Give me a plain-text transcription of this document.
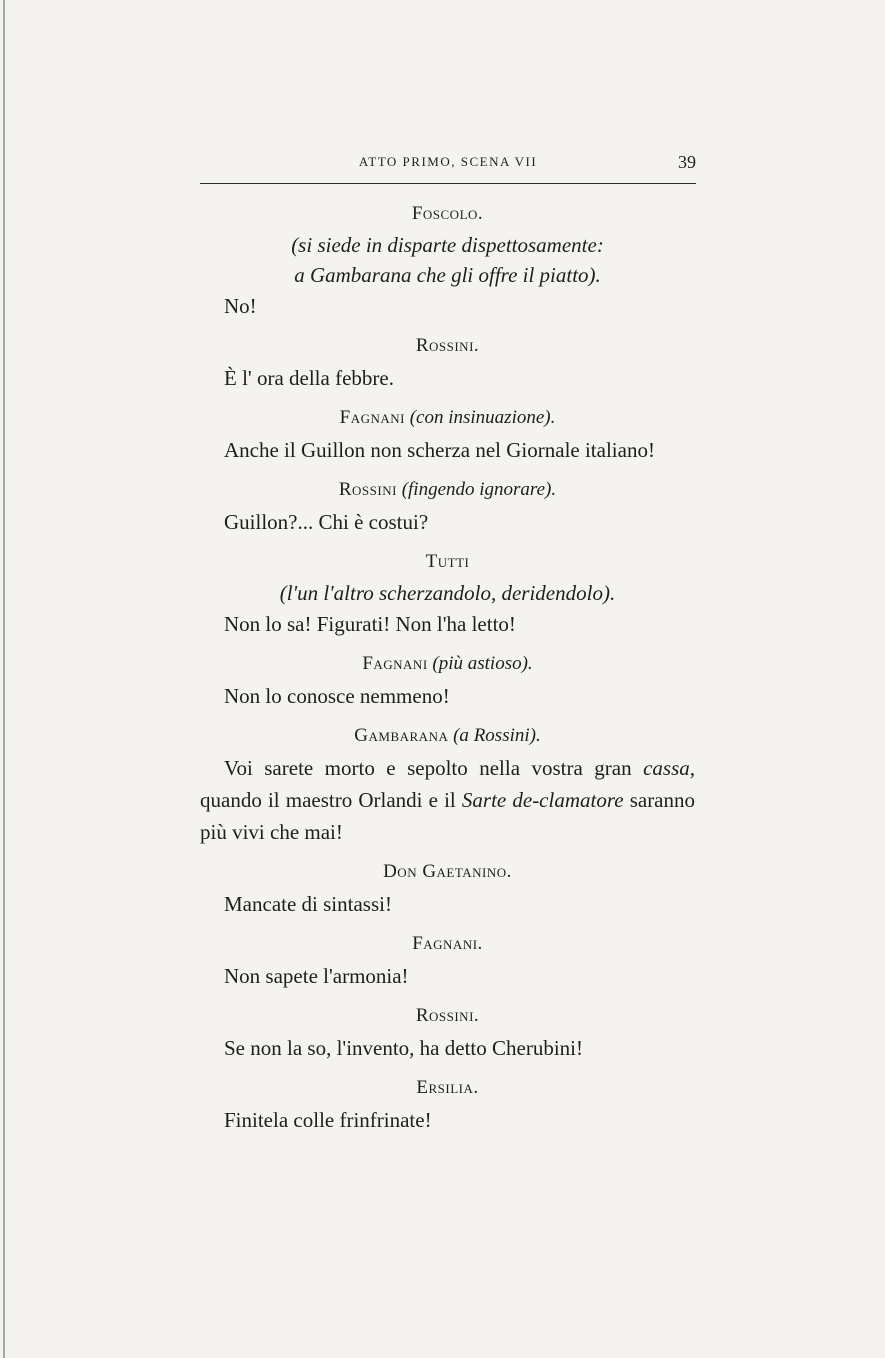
ATTO PRIMO, SCENA VII	39
Foscolo.
(si siede in disparte dispettosamente:
a Gambarana che gli offre il piatto).

No!

Rossini.

È l' ora della febbre.

Fagnani (con insinuazione).

Anche il Guillon non scherza nel Giornale italiano!

Rossini (fingendo ignorare).

Guillon?... Chi è costui?

Tutti
(l'un l'altro scherzandolo, deridendolo).

Non lo sa! Figurati! Non l'ha letto!

Fagnani (più astioso).

Non lo conosce nemmeno!

Gambarana (a Rossini).

Voi sarete morto e sepolto nella vostra gran cassa, quando il maestro Orlandi e il Sarte de-clamatore saranno più vivi che mai!

Don Gaetanino.

Mancate di sintassi!

Fagnani.

Non sapete l'armonia!

Rossini.

Se non la so, l'invento, ha detto Cherubini!

Ersilia.

Finitela colle frinfrinate!
